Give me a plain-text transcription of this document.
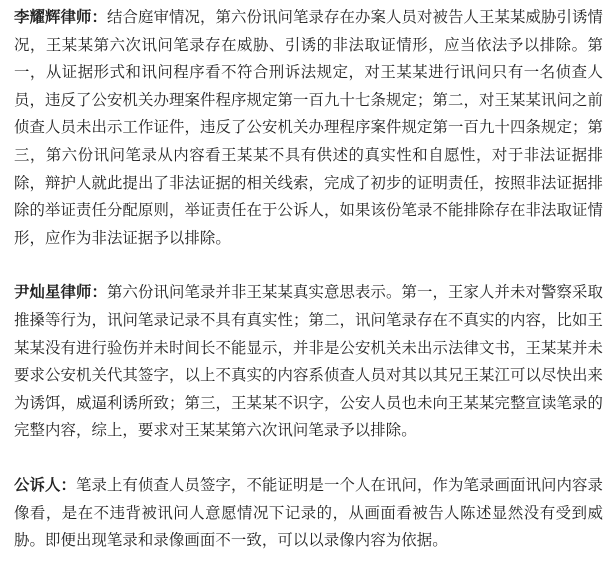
李耀辉律师：结合庭审情况，第六份讯问笔录存在办案人员对被告人王某某威胁引诱情况，王某某第六次讯问笔录存在威胁、引诱的非法取证情形，应当依法予以排除。第一，从证据形式和讯问程序看不符合刑诉法规定，对王某某进行讯问只有一名侦查人员，违反了公安机关办理案件程序规定第一百九十七条规定；第二，对王某某讯问之前侦查人员未出示工作证件，违反了公安机关办理程序案件规定第一百九十四条规定；第三，第六份讯问笔录从内容看王某某不具有供述的真实性和自愿性，对于非法证据排除，辩护人就此提出了非法证据的相关线索，完成了初步的证明责任，按照非法证据排除的举证责任分配原则，举证责任在于公诉人，如果该份笔录不能排除存在非法取证情形，应作为非法证据予以排除。

尹灿星律师：第六份讯问笔录并非王某某真实意思表示。第一，王家人并未对警察采取推搡等行为，讯问笔录记录不具有真实性；第二，讯问笔录存在不真实的内容，比如王某某没有进行验伤并未时间长不能显示，并非是公安机关未出示法律文书，王某某并未要求公安机关代其签字，以上不真实的内容系侦查人员对其以其兄王某江可以尽快出来为诱饵，威逼利诱所致；第三，王某某不识字，公安人员也未向王某某完整宣读笔录的完整内容，综上，要求对王某某第六次讯问笔录予以排除。

公诉人：笔录上有侦查人员签字，不能证明是一个人在讯问，作为笔录画面讯问内容录像看，是在不违背被讯问人意愿情况下记录的，从画面看被告人陈述显然没有受到威胁。即便出现笔录和录像画面不一致，可以以录像内容为依据。
